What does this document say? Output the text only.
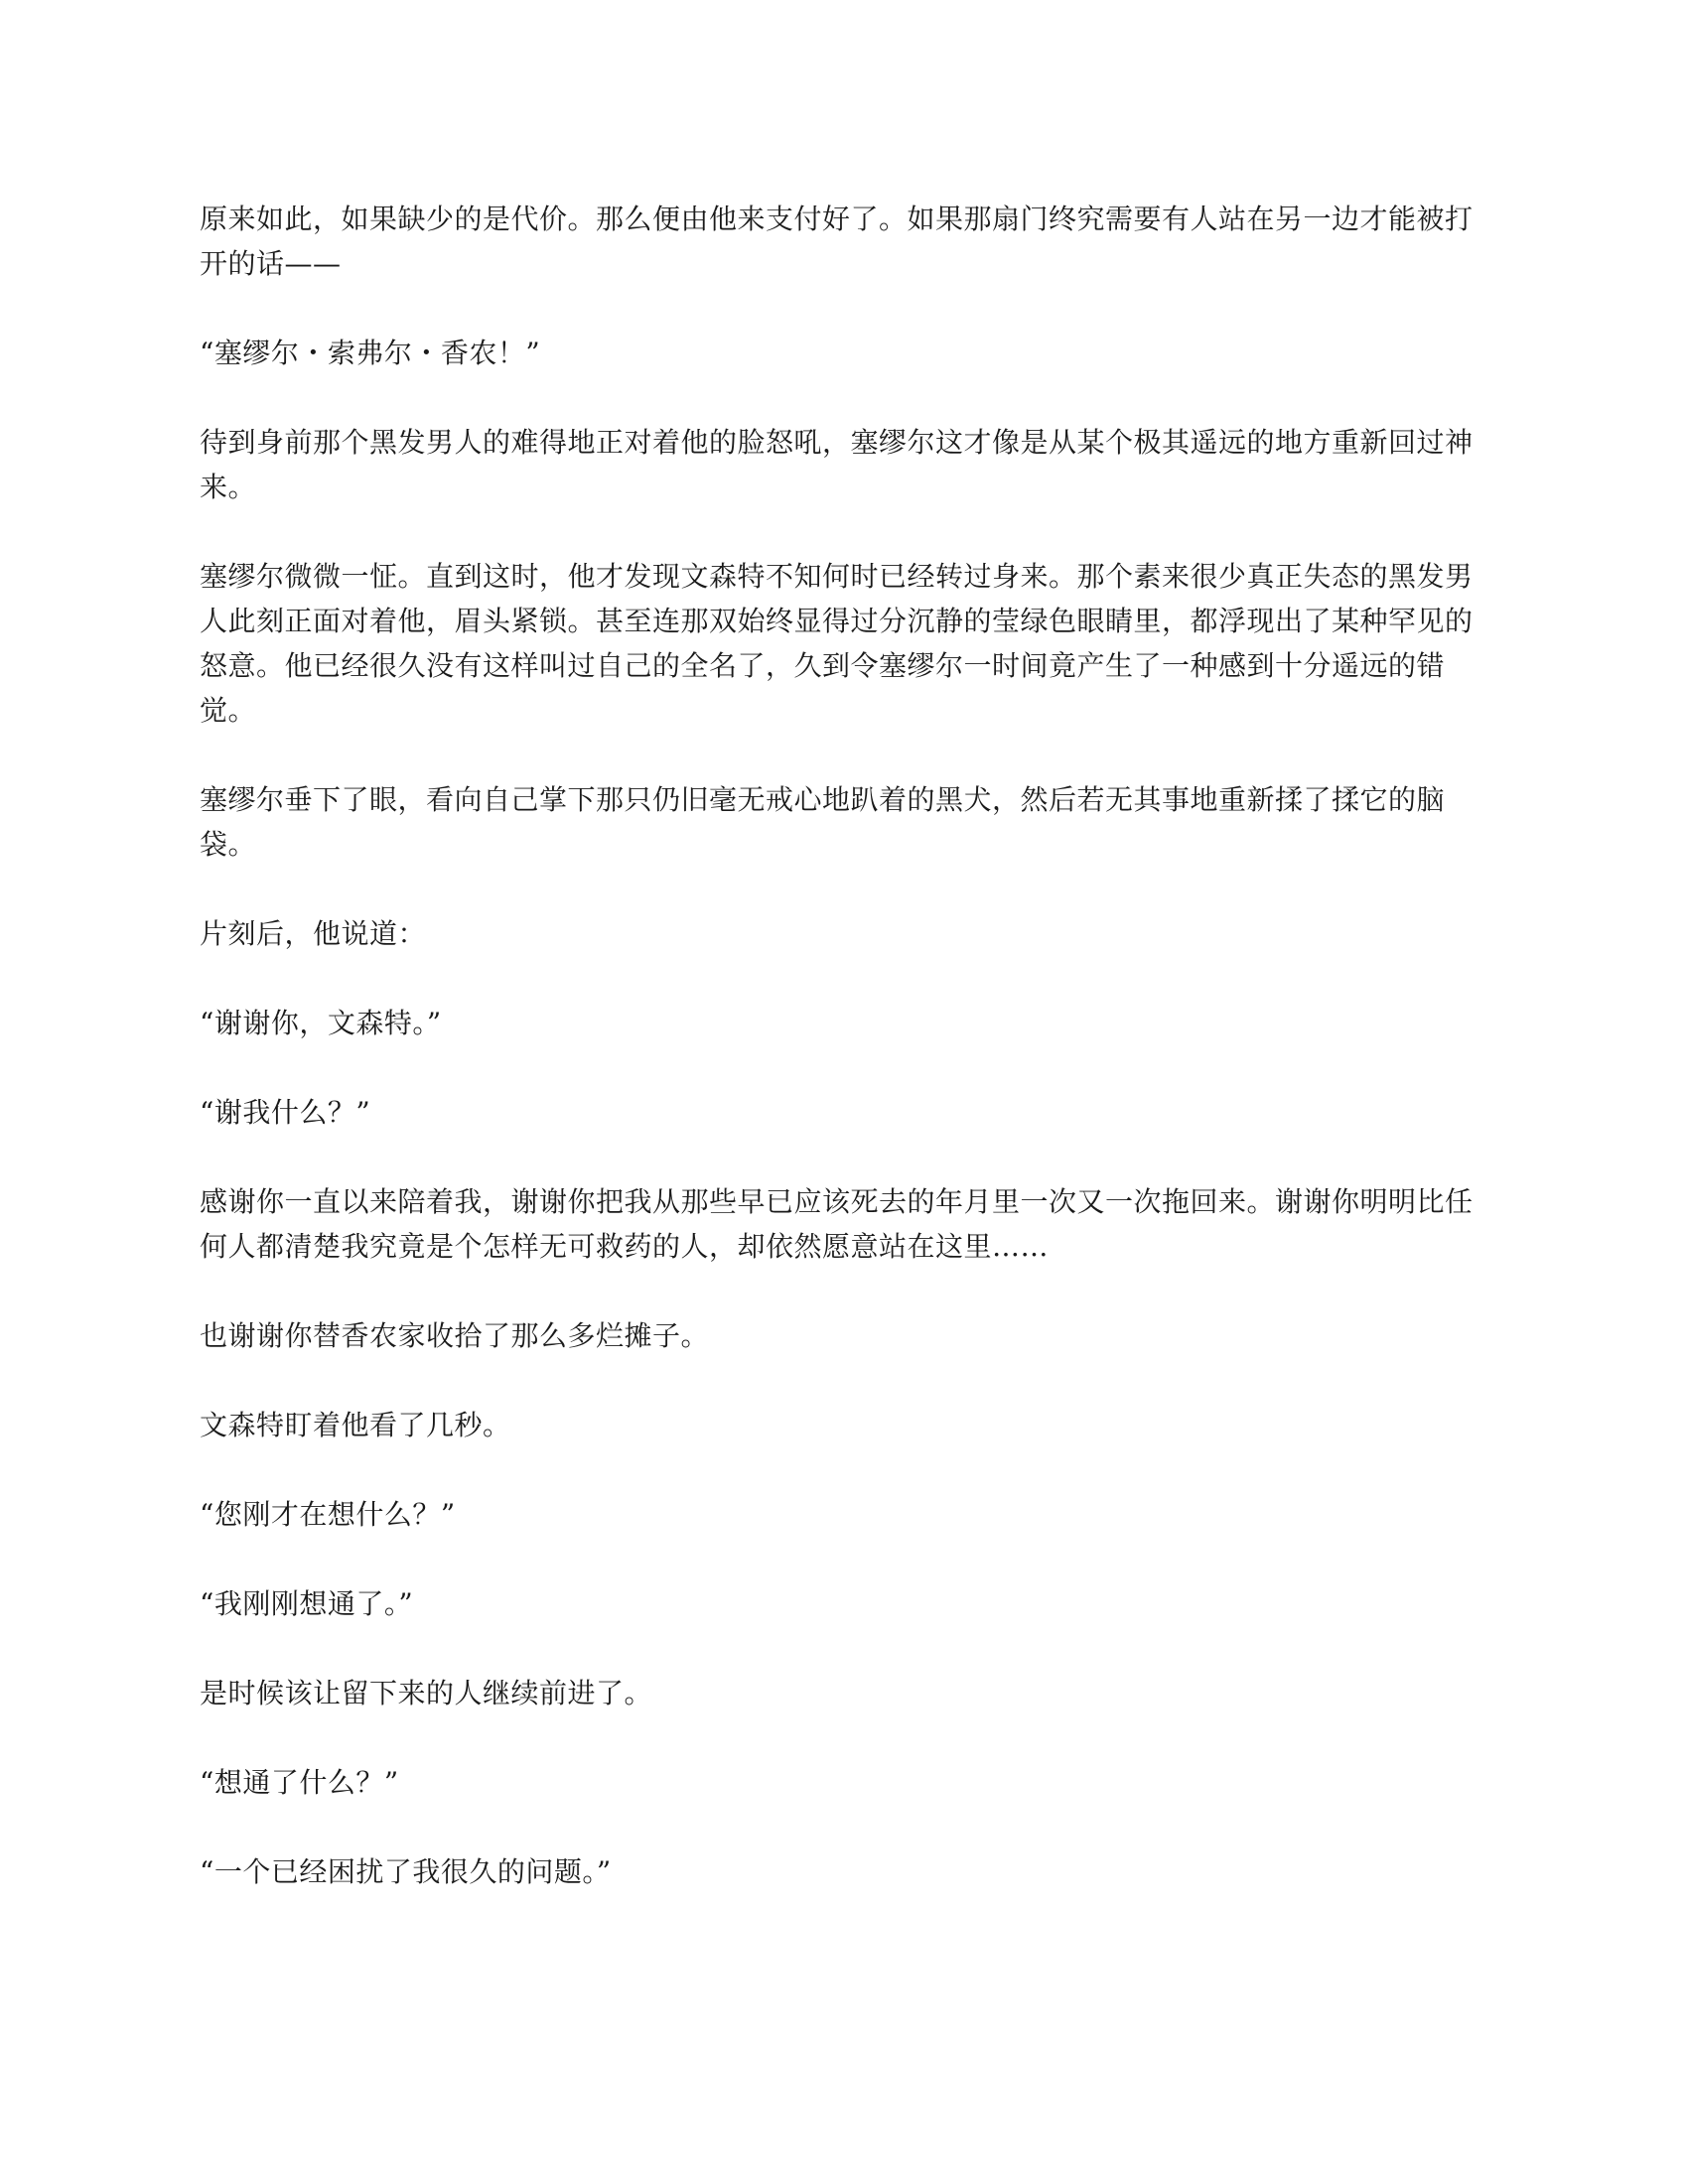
原来如此，如果缺少的是代价。那么便由他来支付好了。如果那扇门终究需要有人站在另一边才能被打开的话——

“塞缪尔・索弗尔・香农！”

待到身前那个黑发男人的难得地正对着他的脸怒吼，塞缪尔这才像是从某个极其遥远的地方重新回过神来。

塞缪尔微微一怔。直到这时，他才发现文森特不知何时已经转过身来。那个素来很少真正失态的黑发男人此刻正面对着他，眉头紧锁。甚至连那双始终显得过分沉静的莹绿色眼睛里，都浮现出了某种罕见的怒意。他已经很久没有这样叫过自己的全名了，久到令塞缪尔一时间竟产生了一种感到十分遥远的错觉。

塞缪尔垂下了眼，看向自己掌下那只仍旧毫无戒心地趴着的黑犬，然后若无其事地重新揉了揉它的脑袋。

片刻后，他说道：

“谢谢你，文森特。”

“谢我什么？”

感谢你一直以来陪着我，谢谢你把我从那些早已应该死去的年月里一次又一次拖回来。谢谢你明明比任何人都清楚我究竟是个怎样无可救药的人，却依然愿意站在这里……

也谢谢你替香农家收拾了那么多烂摊子。

文森特盯着他看了几秒。

“您刚才在想什么？”

“我刚刚想通了。”

是时候该让留下来的人继续前进了。

“想通了什么？”

“一个已经困扰了我很久的问题。”
